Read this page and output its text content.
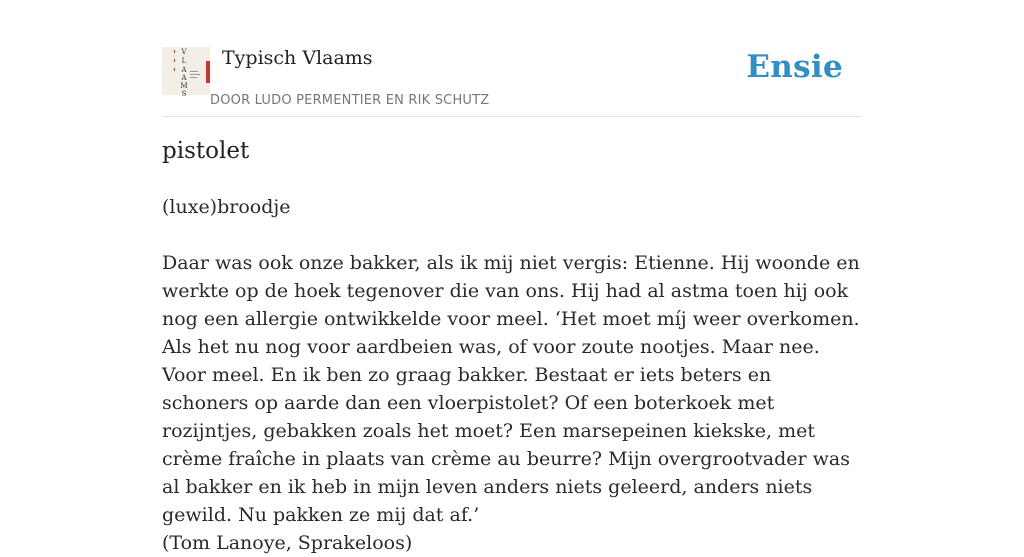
V
L
A
A
M
S
Typisch Vlaams
DOOR LUDO PERMENTIER EN RIK SCHUTZ
Ensie
pistolet
(luxe)broodje
Daar was ook onze bakker, als ik mij niet vergis: Etienne. Hij woonde en werkte op de hoek tegenover die van ons. Hij had al astma toen hij ook nog een allergie ontwikkelde voor meel. ‘Het moet míj weer overkomen. Als het nu nog voor aardbeien was, of voor zoute nootjes. Maar nee. Voor meel. En ik ben zo graag bakker. Bestaat er iets beters en schoners op aarde dan een vloerpistolet? Of een boterkoek met rozijntjes, gebakken zoals het moet? Een marsepeinen kiekske, met crème fraîche in plaats van crème au beurre? Mijn overgrootvader was al bakker en ik heb in mijn leven anders niets geleerd, anders niets gewild. Nu pakken ze mij dat af.’
(Tom Lanoye, Sprakeloos)
